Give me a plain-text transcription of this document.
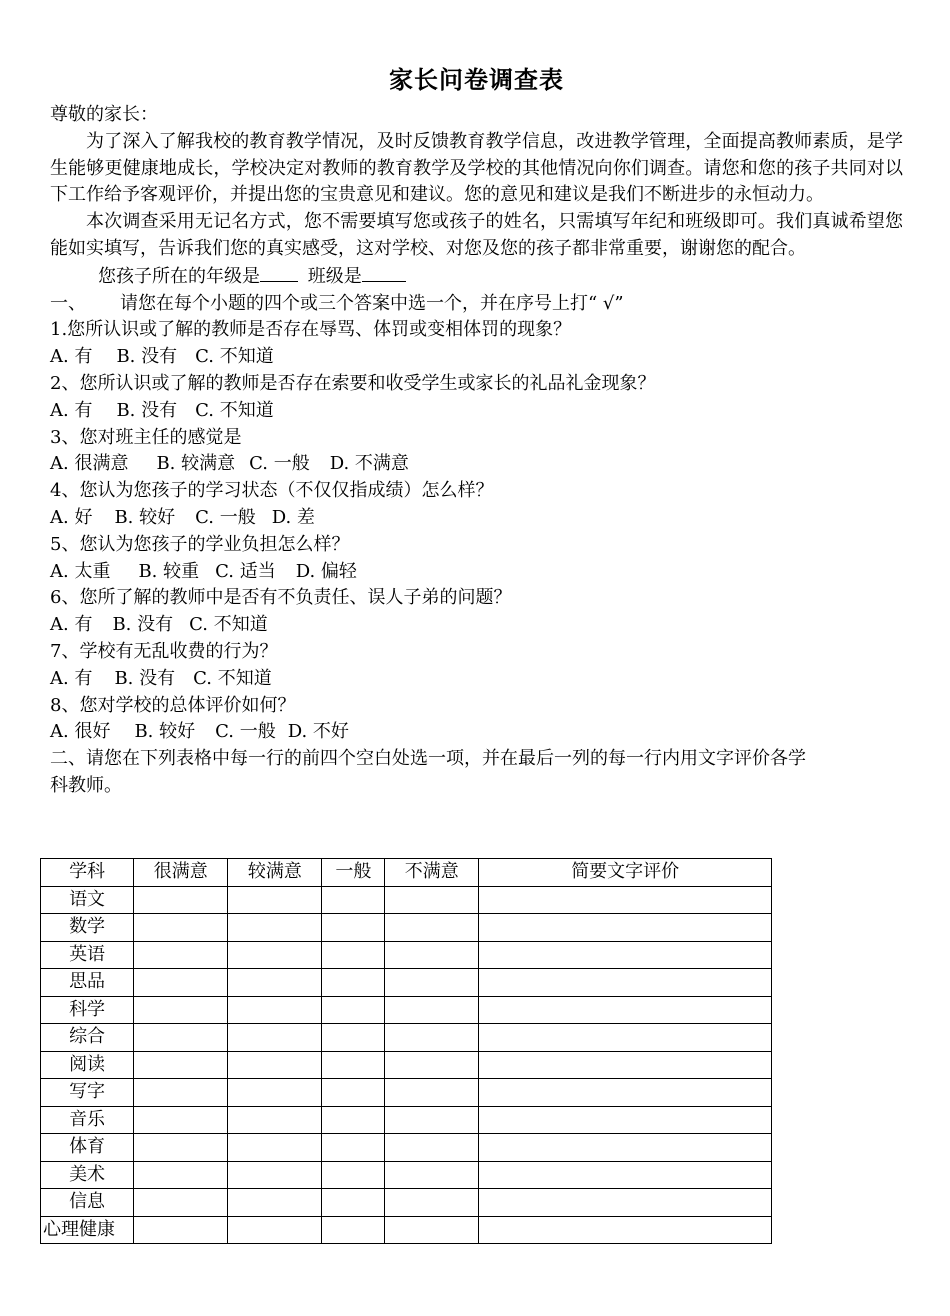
家长问卷调查表
尊敬的家长：
为了深入了解我校的教育教学情况，及时反馈教育教学信息，改进教学管理，全面提高教师素质，是学生能够更健康地成长，学校决定对教师的教育教学及学校的其他情况向你们调查。请您和您的孩子共同对以下工作给予客观评价，并提出您的宝贵意见和建议。您的意见和建议是我们不断进步的永恒动力。
本次调查采用无记名方式，您不需要填写您或孩子的姓名，只需填写年纪和班级即可。我们真诚希望您能如实填写，告诉我们您的真实感受，这对学校、对您及您的孩子都非常重要，谢谢您的配合。
您孩子所在的年级是	班级是
一、 请您在每个小题的四个或三个答案中选一个，并在序号上打“ √”
1.您所认识或了解的教师是否存在辱骂、体罚或变相体罚的现象？
A. 有 B. 没有 C. 不知道
2、您所认识或了解的教师是否存在索要和收受学生或家长的礼品礼金现象？
A. 有 B. 没有 C. 不知道
3、您对班主任的感觉是
A. 很满意 B. 较满意 C. 一般 D. 不满意
4、您认为您孩子的学习状态（不仅仅指成绩）怎么样？
A. 好 B. 较好 C. 一般 D. 差
5、您认为您孩子的学业负担怎么样？
A. 太重 B. 较重 C. 适当 D. 偏轻
6、您所了解的教师中是否有不负责任、误人子弟的问题？
A. 有 B. 没有 C. 不知道
7、学校有无乱收费的行为？
A. 有 B. 没有 C. 不知道
8、您对学校的总体评价如何？
A. 很好 B. 较好 C. 一般 D. 不好
二、请您在下列表格中每一行的前四个空白处选一项，并在最后一列的每一行内用文字评价各学
科教师。
学科	很满意	较满意	一般	不满意	简要文字评价
语文					
数学					
英语					
思品					
科学					
综合					
阅读					
写字					
音乐					
体育					
美术					
信息					
心理健康					
